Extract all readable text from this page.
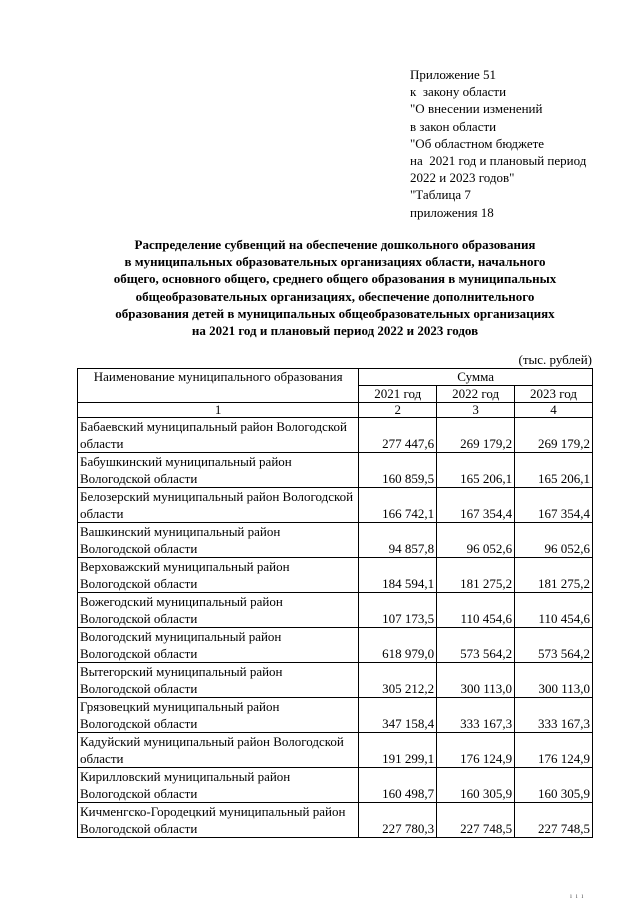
Приложение 51
к  закону области
"О внесении изменений
в закон области
"Об областном бюджете
на  2021 год и плановый период
2022 и 2023 годов"
"Таблица 7
приложения 18
Распределение субвенций на обеспечение дошкольного образования
в муниципальных образовательных организациях области, начального
общего, основного общего, среднего общего образования в муниципальных
общеобразовательных организациях, обеспечение дополнительного
образования детей в муниципальных общеобразовательных организациях
на 2021 год и плановый период 2022 и 2023 годов
(тыс. рублей)
Наименование муниципального образования	Сумма		
	2021 год	2022 год	2023 год
1	2	3	4

Бабаевский муниципальный район Вологодской
области	277 447,6	269 179,2	269 179,2

Бабушкинский муниципальный район
Вологодской области	160 859,5	165 206,1	165 206,1

Белозерский муниципальный район Вологодской
области	166 742,1	167 354,4	167 354,4

Вашкинский муниципальный район
Вологодской области	94 857,8	96 052,6	96 052,6

Верховажский муниципальный район
Вологодской области	184 594,1	181 275,2	181 275,2

Вожегодский муниципальный район
Вологодской области	107 173,5	110 454,6	110 454,6

Вологодский муниципальный район
Вологодской области	618 979,0	573 564,2	573 564,2

Вытегорский муниципальный район
Вологодской области	305 212,2	300 113,0	300 113,0

Грязовецкий муниципальный район
Вологодской области	347 158,4	333 167,3	333 167,3

Кадуйский муниципальный район Вологодской
области	191 299,1	176 124,9	176 124,9

Кирилловский муниципальный район
Вологодской области	160 498,7	160 305,9	160 305,9

Кичменгско-Городецкий муниципальный район
Вологодской области	227 780,3	227 748,5	227 748,5
ı ı ı
